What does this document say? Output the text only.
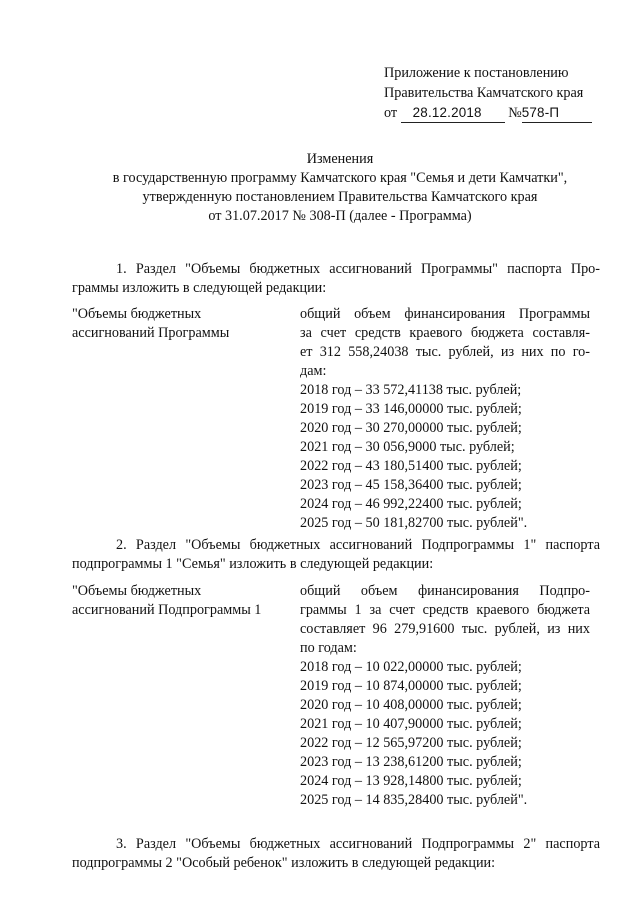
Приложение к постановлению
Правительства Камчатского края
от 28.12.2018 №578-П
Изменения
в государственную программу Камчатского края "Семья и дети Камчатки",
утвержденную постановлением Правительства Камчатского края
от 31.07.2017 № 308-П (далее - Программа)
1. Раздел "Объемы бюджетных ассигнований Программы" паспорта Про-
граммы изложить в следующей редакции:
"Объемы бюджетных
ассигнований Программы
общий объем финансирования Программы
за счет средств краевого бюджета составля-
ет 312 558,24038 тыс. рублей, из них по го-
дам:
2018 год – 33 572,41138 тыс. рублей;
2019 год – 33 146,00000 тыс. рублей;
2020 год – 30 270,00000 тыс. рублей;
2021 год – 30 056,9000 тыс. рублей;
2022 год – 43 180,51400 тыс. рублей;
2023 год – 45 158,36400 тыс. рублей;
2024 год – 46 992,22400 тыс. рублей;
2025 год – 50 181,82700 тыс. рублей".
2. Раздел "Объемы бюджетных ассигнований Подпрограммы 1" паспорта
подпрограммы 1 "Семья" изложить в следующей редакции:
"Объемы бюджетных
ассигнований Подпрограммы 1
общий объем финансирования Подпро-
граммы 1 за счет средств краевого бюджета
составляет 96 279,91600 тыс. рублей, из них
по годам:
2018 год – 10 022,00000 тыс. рублей;
2019 год – 10 874,00000 тыс. рублей;
2020 год – 10 408,00000 тыс. рублей;
2021 год – 10 407,90000 тыс. рублей;
2022 год – 12 565,97200 тыс. рублей;
2023 год – 13 238,61200 тыс. рублей;
2024 год – 13 928,14800 тыс. рублей;
2025 год – 14 835,28400 тыс. рублей".
3. Раздел "Объемы бюджетных ассигнований Подпрограммы 2" паспорта
подпрограммы 2 "Особый ребенок" изложить в следующей редакции:
